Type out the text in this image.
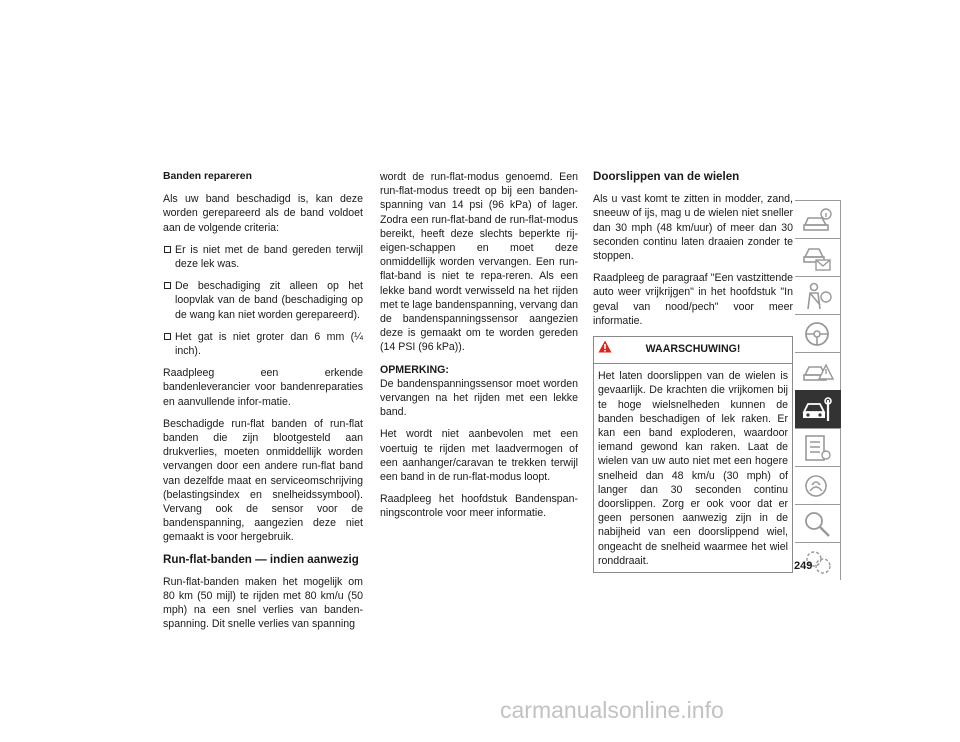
Banden repareren

Als uw band beschadigd is, kan deze worden gerepareerd als de band voldoet aan de volgende criteria:

Er is niet met de band gereden terwijl deze lek was.
De beschadiging zit alleen op het loopvlak van de band (beschadiging op de wang kan niet worden gerepareerd).
Het gat is niet groter dan 6 mm (¼ inch).

Raadpleeg een erkende bandenleverancier voor bandenreparaties en aanvullende infor-matie.

Beschadigde run-flat banden of run-flat banden die zijn blootgesteld aan drukverlies, moeten onmiddellijk worden vervangen door een andere run-flat band van dezelfde maat en serviceomschrijving (belastingsindex en snelheidssymbool). Vervang ook de sensor voor de bandenspanning, aangezien deze niet gemaakt is voor hergebruik.

Run-flat-banden — indien aanwezig

Run-flat-banden maken het mogelijk om 80 km (50 mijl) te rijden met 80 km/u (50 mph) na een snel verlies van banden-spanning. Dit snelle verlies van spanning

wordt de run-flat-modus genoemd. Een run-flat-modus treedt op bij een banden-spanning van 14 psi (96 kPa) of lager. Zodra een run-flat-band de run-flat-modus bereikt, heeft deze slechts beperkte rij-eigen-schappen en moet deze onmiddellijk worden vervangen. Een run-flat-band is niet te repa-reren. Als een lekke band wordt verwisseld na het rijden met te lage bandenspanning, vervang dan de bandenspanningssensor aangezien deze is gemaakt om te worden gereden (14 PSI (96 kPa)).

OPMERKING:
De bandenspanningssensor moet worden vervangen na het rijden met een lekke band.

Het wordt niet aanbevolen met een voertuig te rijden met laadvermogen of een aanhanger/caravan te trekken terwijl een band in de run-flat-modus loopt.

Raadpleeg het hoofdstuk Bandenspan-ningscontrole voor meer informatie.

Doorslippen van de wielen

Als u vast komt te zitten in modder, zand, sneeuw of ijs, mag u de wielen niet sneller dan 30 mph (48 km/uur) of meer dan 30 seconden continu laten draaien zonder te stoppen.

Raadpleeg de paragraaf "Een vastzittende auto weer vrijkrijgen" in het hoofdstuk "In geval van nood/pech" voor meer informatie.

WAARSCHUWING!
Het laten doorslippen van de wielen is gevaarlijk. De krachten die vrijkomen bij te hoge wielsnelheden kunnen de banden beschadigen of lek raken. Er kan een band exploderen, waardoor iemand gewond kan raken. Laat de wielen van uw auto niet met een hogere snelheid dan 48 km/u (30 mph) of langer dan 30 seconden continu doorslippen. Zorg er ook voor dat er geen personen aanwezig zijn in de nabijheid van een doorslippend wiel, ongeacht de snelheid waarmee het wiel ronddraait.	249
carmanualsonline.info
